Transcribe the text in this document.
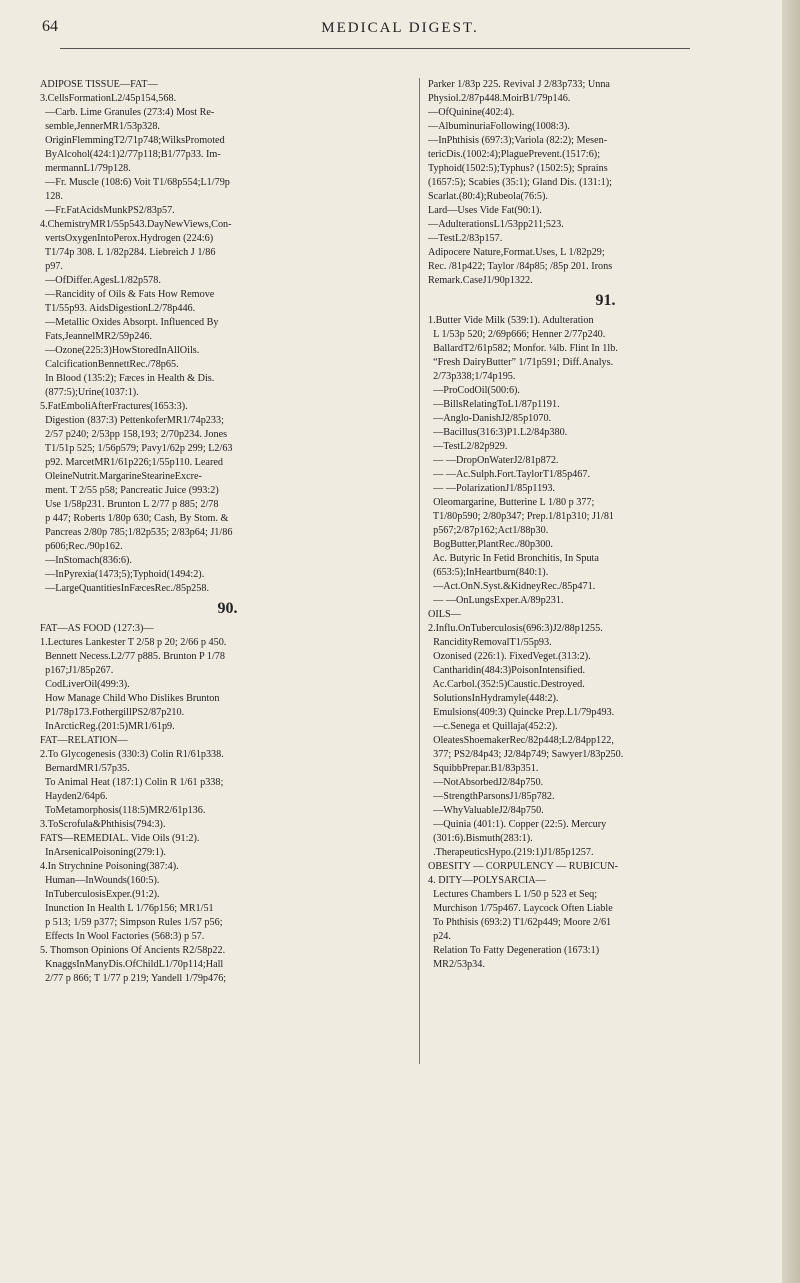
64	MEDICAL DIGEST.
ADIPOSE TISSUE—FAT—
3.CellsFormationL2/45p154,568.
—Carb. Lime Granules (273:4) Most Re-
semble,JennerMR1/53p328.
OriginFlemmingT2/71p748;WilksPromoted
ByAlcohol(424:1)2/77p118;B1/77p33. Im-
mermannL1/79p128.
—Fr. Muscle (108:6) Voit T1/68p554;L1/79p
128.
—Fr.FatAcidsMunkPS2/83p57.
4.ChemistryMR1/55p543.DayNewViews,Con-
vertsOxygenIntoPerox.Hydrogen (224:6)
T1/74p 308. L 1/82p284. Liebreich J 1/86
p97.
—OfDiffer.AgesL1/82p578.
—Rancidity of Oils & Fats How Remove
T1/55p93. AidsDigestionL2/78p446.
—Metallic Oxides Absorpt. Influenced By
Fats,JeannelMR2/59p246.
—Ozone(225:3)HowStoredInAllOils.
CalcificationBennettRec./78p65.
In Blood (135:2); Fæces in Health & Dis.
(877:5);Urine(1037:1).
5.FatEmboliAfterFractures(1653:3).
Digestion (837:3) PettenkoferMR1/74p233;
2/57 p240; 2/53pp 158,193; 2/70p234. Jones
T1/51p 525; 1/56p579; Pavy1/62p 299; L2/63
p92. MarcetMR1/61p226;1/55p110. Leared
OleineNutrit.MargarineStearineExcre-
ment. T 2/55 p58; Pancreatic Juice (993:2)
Use 1/58p231. Brunton L 2/77 p 885; 2/78
p 447; Roberts 1/80p 630; Cash, By Stom. &
Pancreas 2/80p 785;1/82p535; 2/83p64; J1/86
p606;Rec./90p162.
—InStomach(836:6).
—InPyrexia(1473;5);Typhoid(1494:2).
—LargeQuantitiesInFæcesRec./85p258.
90.
FAT—AS FOOD (127:3)—
1.Lectures Lankester T 2/58 p 20; 2/66 p 450.
Bennett Necess.L2/77 p885. Brunton P 1/78
p167;J1/85p267.
CodLiverOil(499:3).
How Manage Child Who Dislikes Brunton
P1/78p173.FothergillPS2/87p210.
InArcticReg.(201:5)MR1/61p9.
FAT—RELATION—
2.To Glycogenesis (330:3) Colin R1/61p338.
BernardMR1/57p35.
To Animal Heat (187:1) Colin R 1/61 p338;
Hayden2/64p6.
ToMetamorphosis(118:5)MR2/61p136.
3.ToScrofula&Phthisis(794:3).
FATS—REMEDIAL. Vide Oils (91:2).
InArsenicalPoisoning(279:1).
4.In Strychnine Poisoning(387:4).
Human—InWounds(160:5).
InTuberculosisExper.(91:2).
Inunction In Health L 1/76p156; MR1/51
p 513; 1/59 p377; Simpson Rules 1/57 p56;
Effects In Wool Factories (568:3) p 57.
5. Thomson Opinions Of Ancients R2/58p22.
KnaggsInManyDis.OfChildL1/70p114;Hall
2/77 p 866; T 1/77 p 219; Yandell 1/79p476;
Parker 1/83p 225. Revival J 2/83p733; Unna
Physiol.2/87p448.MoirB1/79p146.
—OfQuinine(402:4).
—AlbuminuriaFollowing(1008:3).
—InPhthisis (697:3);Variola (82:2); Mesen-
tericDis.(1002:4);PlaguePrevent.(1517:6);
Typhoid(1502:5);Typhus? (1502:5); Sprains
(1657:5); Scabies (35:1); Gland Dis. (131:1);
Scarlat.(80:4);Rubeola(76:5).
Lard—Uses Vide Fat(90:1).
—AdulterationsL1/53pp211;523.
—TestL2/83p157.
Adipocere Nature,Format.Uses, L 1/82p29;
Rec. /81p422; Taylor /84p85; /85p 201. Irons
Remark.CaseJ1/90p1322.
91.
1.Butter Vide Milk (539:1). Adulteration
L 1/53p 520; 2/69p666; Henner 2/77p240.
BallardT2/61p582; Monfor. ¼lb. Flint In 1lb.
“Fresh DairyButter” 1/71p591; Diff.Analys.
2/73p338;1/74p195.
—ProCodOil(500:6).
—BillsRelatingToL1/87p1191.
—Anglo-DanishJ2/85p1070.
—Bacillus(316:3)P1.L2/84p380.
—TestL2/82p929.
— —DropOnWaterJ2/81p872.
— —Ac.Sulph.Fort.TaylorT1/85p467.
— —PolarizationJ1/85p1193.
Oleomargarine, Butterine L 1/80 p 377;
T1/80p590; 2/80p347; Prep.1/81p310; J1/81
p567;2/87p162;Act1/88p30.
BogButter,PlantRec./80p300.
Ac. Butyric In Fetid Bronchitis, In Sputa
(653:5);InHeartburn(840:1).
—Act.OnN.Syst.&KidneyRec./85p471.
— —OnLungsExper.A/89p231.
OILS—
2.Influ.OnTuberculosis(696:3)J2/88p1255.
RancidityRemovalT1/55p93.
Ozonised (226:1). FixedVeget.(313:2).
Cantharidin(484:3)PoisonIntensified.
Ac.Carbol.(352:5)Caustic.Destroyed.
SolutionsInHydramyle(448:2).
Emulsions(409:3) Quincke Prep.L1/79p493.
—c.Senega et Quillaja(452:2).
OleatesShoemakerRec/82p448;L2/84pp122,
377; PS2/84p43; J2/84p749; Sawyer1/83p250.
SquibbPrepar.B1/83p351.
—NotAbsorbedJ2/84p750.
—StrengthParsonsJ1/85p782.
—WhyValuableJ2/84p750.
—Quinia (401:1). Copper (22:5). Mercury
(301:6).Bismuth(283:1).
.TherapeuticsHypo.(219:1)J1/85p1257.
OBESITY — CORPULENCY — RUBICUN-
4. DITY—POLYSARCIA—
Lectures Chambers L 1/50 p 523 et Seq;
Murchison 1/75p467. Laycock Often Liable
To Phthisis (693:2) T1/62p449; Moore 2/61
p24.
Relation To Fatty Degeneration (1673:1)
MR2/53p34.
